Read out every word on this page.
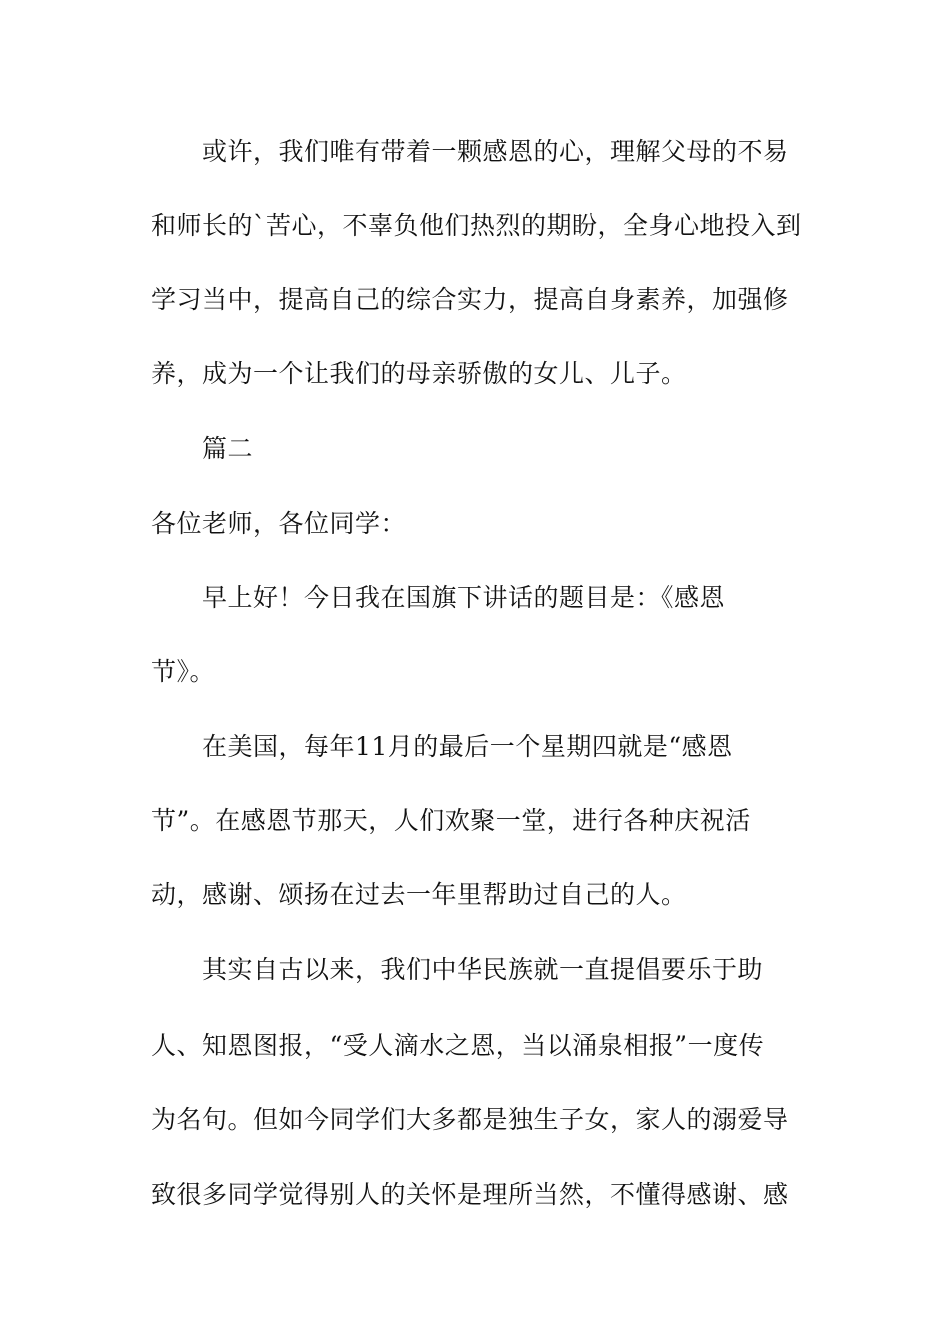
或许，我们唯有带着一颗感恩的心，理解父母的不易
和师长的`苦心，不辜负他们热烈的期盼，全身心地投入到
学习当中，提高自己的综合实力，提高自身素养，加强修
养，成为一个让我们的母亲骄傲的女儿、儿子。
篇二
各位老师，各位同学：
早上好！今日我在国旗下讲话的题目是：《感恩
节》。
在美国，每年11月的最后一个星期四就是“感恩
节”。在感恩节那天，人们欢聚一堂，进行各种庆祝活
动，感谢、颂扬在过去一年里帮助过自己的人。
其实自古以来，我们中华民族就一直提倡要乐于助
人、知恩图报，“受人滴水之恩，当以涌泉相报”一度传
为名句。但如今同学们大多都是独生子女，家人的溺爱导
致很多同学觉得别人的关怀是理所当然，不懂得感谢、感
